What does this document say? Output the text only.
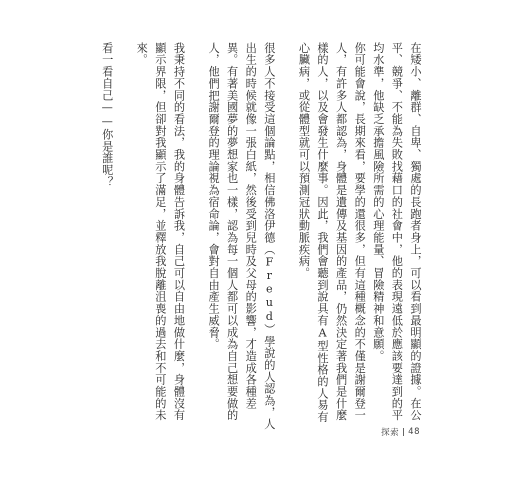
在矮小、離群、自卑、獨處的長跑者身上，可以看到最明顯的證據。在公平、競爭、不能為失敗找藉口的社會中，他的表現遠低於應該要達到的平均水準，他缺乏承擔風險所需的心理能量、冒險精神和意願。

你可能會說，長期來看，要學的還很多，但有這種概念的不僅是謝爾登一人，有許多人都認為，身體是遺傳及基因的產品，仍然決定著我們是什麼樣的人，以及會發生什麼事。因此，我們會聽到說具有A型性格的人易有心臟病，或從體型就可以預測冠狀動脈疾病。

很多人不接受這個論點，相信佛洛伊德（Freud）學說的人認為，人出生的時候就像一張白紙，然後受到兒時及父母的影響，才造成各種差異。有著美國夢的夢想家也一樣，認為每一個人都可以成為自己想要做的人，他們把謝爾登的理論視為宿命論，會對自由產生威脅。

我秉持不同的看法，我的身體告訴我，自己可以自由地做什麼，身體沒有顯示界限，但卻對我顯示了滿足，並釋放我脫離沮喪的過去和不可能的未來。

看一看自己——你是誰呢？

探索 48
